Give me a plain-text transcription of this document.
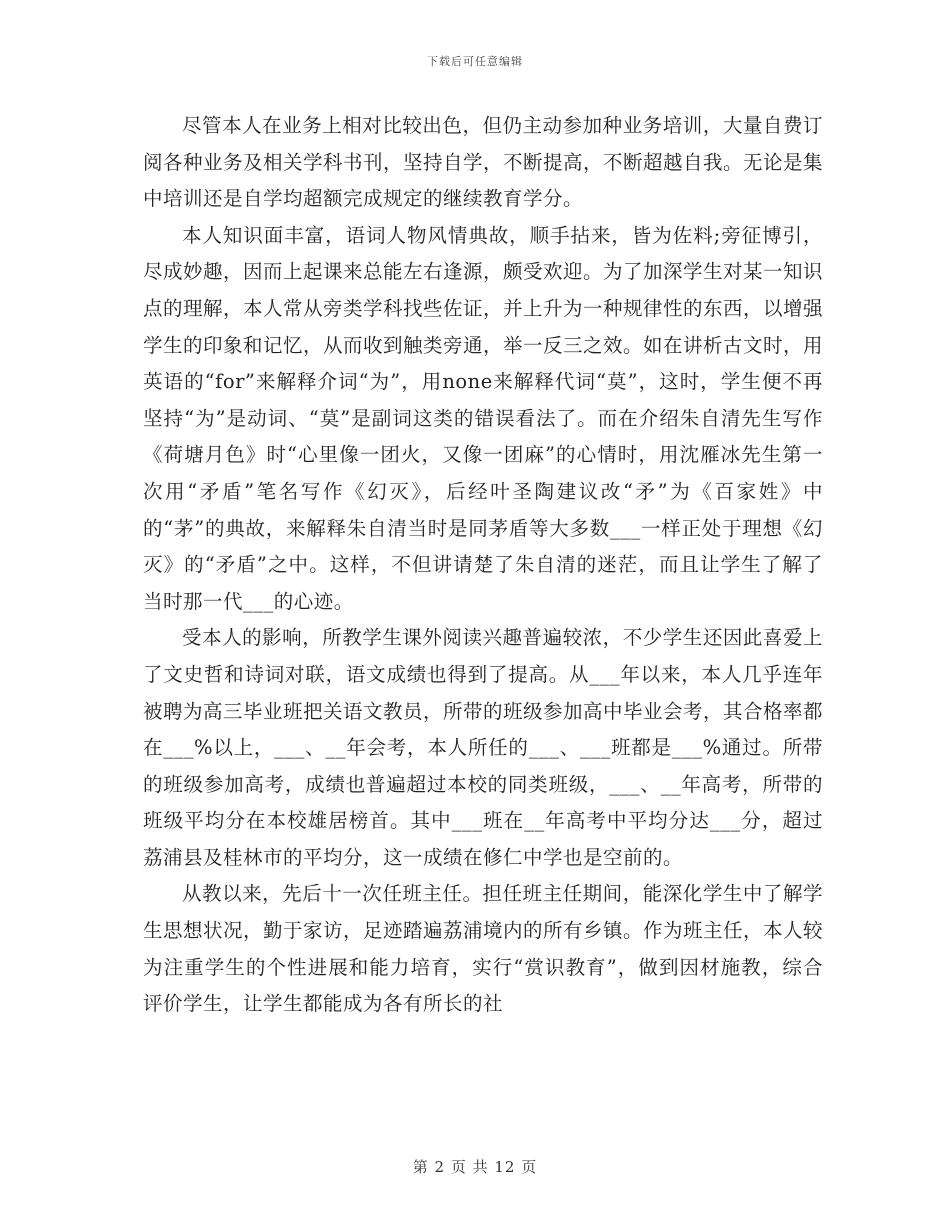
下载后可任意编辑

尽管本人在业务上相对比较出色，但仍主动参加种业务培训，大量自费订阅各种业务及相关学科书刊，坚持自学，不断提高，不断超越自我。无论是集中培训还是自学均超额完成规定的继续教育学分。

本人知识面丰富，语词人物风情典故，顺手拈来，皆为佐料;旁征博引，尽成妙趣，因而上起课来总能左右逢源，颇受欢迎。为了加深学生对某一知识点的理解，本人常从旁类学科找些佐证，并上升为一种规律性的东西，以增强学生的印象和记忆，从而收到触类旁通，举一反三之效。如在讲析古文时，用英语的“for”来解释介词“为”，用none来解释代词“莫”，这时，学生便不再坚持“为”是动词、“莫”是副词这类的错误看法了。而在介绍朱自清先生写作《荷塘月色》时“心里像一团火，又像一团麻”的心情时，用沈雁冰先生第一次用“矛盾”笔名写作《幻灭》，后经叶圣陶建议改“矛”为《百家姓》中的“茅”的典故，来解释朱自清当时是同茅盾等大多数___一样正处于理想《幻灭》的“矛盾”之中。这样，不但讲请楚了朱自清的迷茫，而且让学生了解了当时那一代___的心迹。

受本人的影响，所教学生课外阅读兴趣普遍较浓，不少学生还因此喜爱上了文史哲和诗词对联，语文成绩也得到了提高。从___年以来，本人几乎连年被聘为高三毕业班把关语文教员，所带的班级参加高中毕业会考，其合格率都在___%以上，___、__年会考，本人所任的___、___班都是___%通过。所带的班级参加高考，成绩也普遍超过本校的同类班级，___、__年高考，所带的班级平均分在本校雄居榜首。其中___班在__年高考中平均分达___分，超过荔浦县及桂林市的平均分，这一成绩在修仁中学也是空前的。

从教以来，先后十一次任班主任。担任班主任期间，能深化学生中了解学生思想状况，勤于家访，足迹踏遍荔浦境内的所有乡镇。作为班主任，本人较为注重学生的个性进展和能力培育，实行“赏识教育”，做到因材施教，综合评价学生，让学生都能成为各有所长的社

第 2 页 共 12 页
